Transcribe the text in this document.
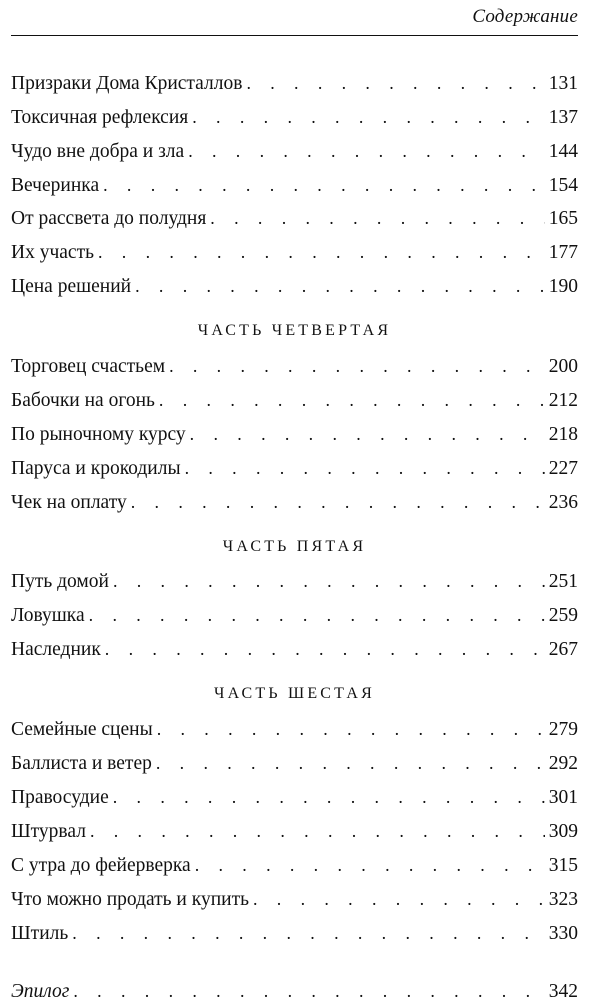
Содержание
Призраки Дома Кристаллов . . .	131
Токсичная рефлексия . . .	137
Чудо вне добра и зла . . .	144
Вечеринка . . .	154
От рассвета до полудня . . .	165
Их участь . . .	177
Цена решений . . .	190
ЧАСТЬ ЧЕТВЕРТАЯ
Торговец счастьем . . .	200
Бабочки на огонь . . .	212
По рыночному курсу . . .	218
Паруса и крокодилы . . .	227
Чек на оплату . . .	236
ЧАСТЬ ПЯТАЯ
Путь домой . . .	251
Ловушка . . .	259
Наследник . . .	267
ЧАСТЬ ШЕСТАЯ
Семейные сцены . . .	279
Баллиста и ветер . . .	292
Правосудие . . .	301
Штурвал . . .	309
С утра до фейерверка . . .	315
Что можно продать и купить . . .	323
Штиль . . .	330
Эпилог . . .	342
